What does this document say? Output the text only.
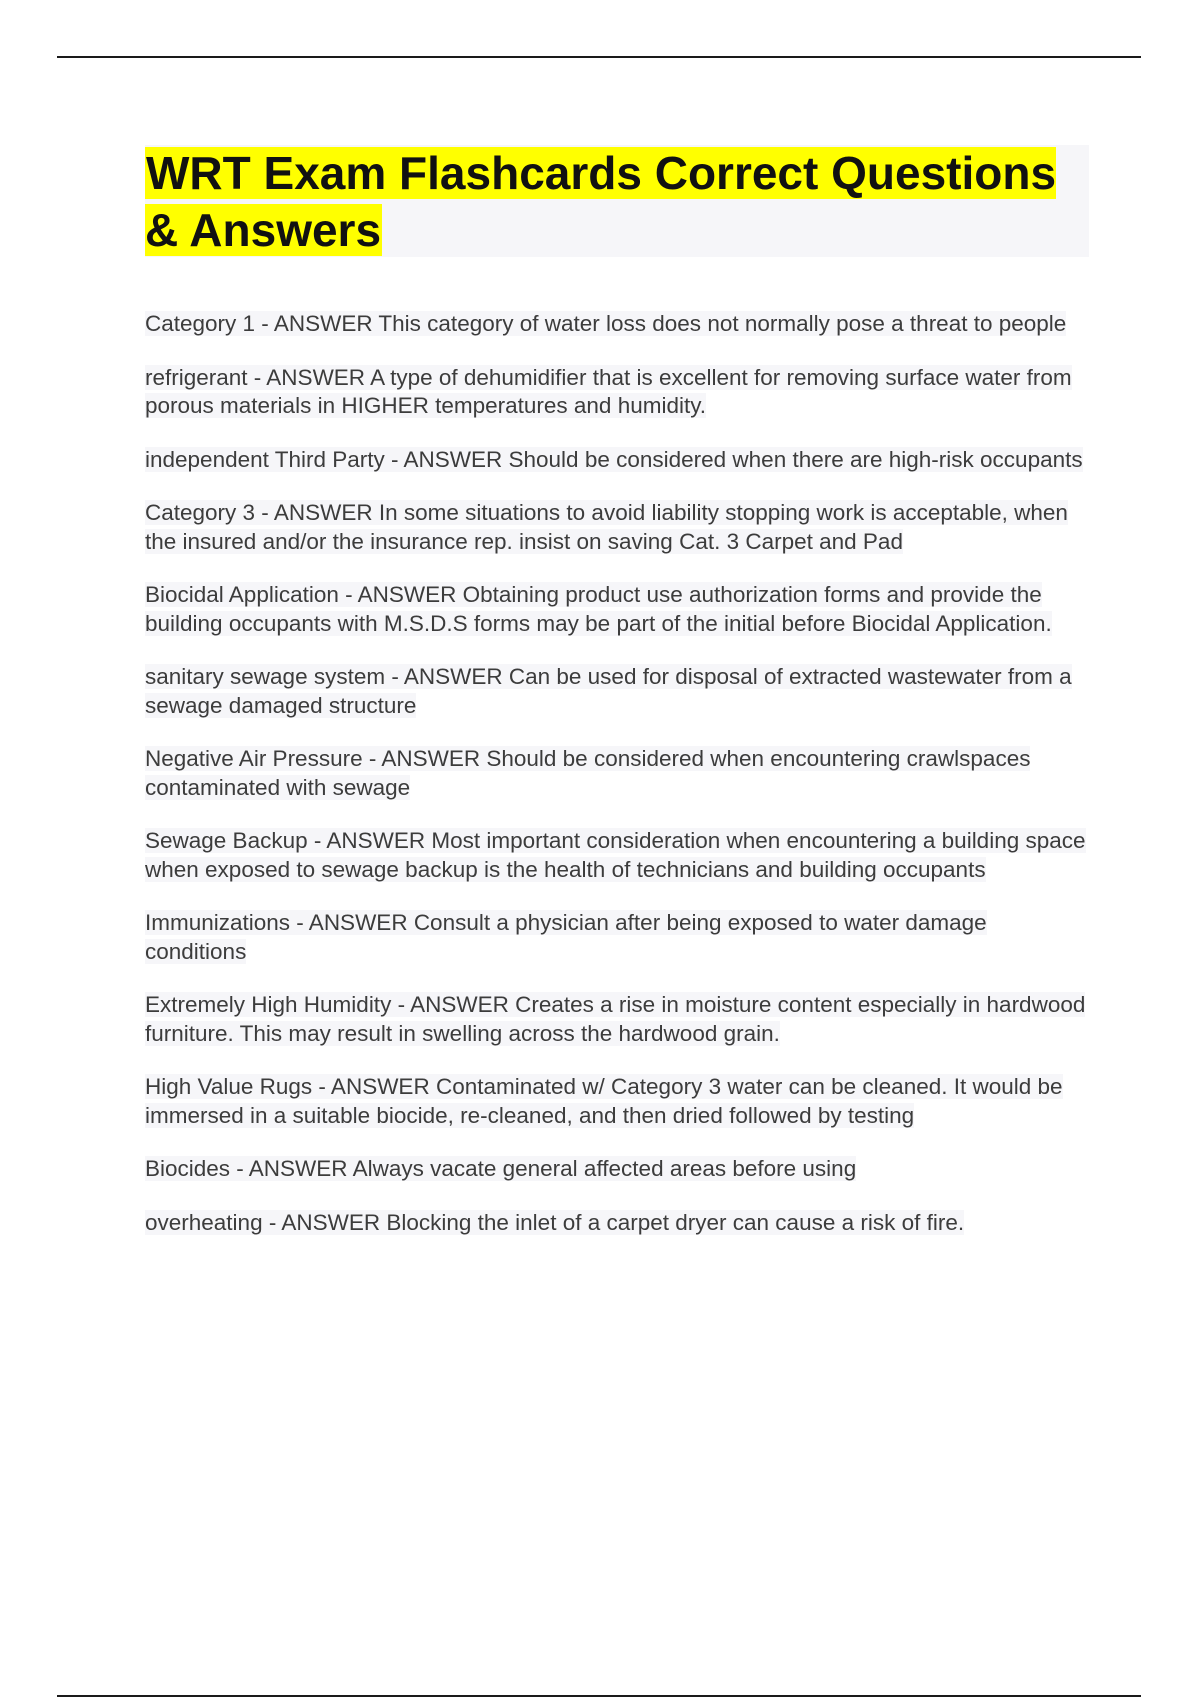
WRT Exam Flashcards Correct Questions & Answers

Category 1 - ANSWER This category of water loss does not normally pose a threat to people

refrigerant - ANSWER A type of dehumidifier that is excellent for removing surface water from porous materials in HIGHER temperatures and humidity.

independent Third Party - ANSWER Should be considered when there are high-risk occupants

Category 3 - ANSWER In some situations to avoid liability stopping work is acceptable, when the insured and/or the insurance rep. insist on saving Cat. 3 Carpet and Pad

Biocidal Application - ANSWER Obtaining product use authorization forms and provide the building occupants with M.S.D.S forms may be part of the initial before Biocidal Application.

sanitary sewage system - ANSWER Can be used for disposal of extracted wastewater from a sewage damaged structure

Negative Air Pressure - ANSWER Should be considered when encountering crawlspaces contaminated with sewage

Sewage Backup - ANSWER Most important consideration when encountering a building space when exposed to sewage backup is the health of technicians and building occupants

Immunizations - ANSWER Consult a physician after being exposed to water damage conditions

Extremely High Humidity - ANSWER Creates a rise in moisture content especially in hardwood furniture. This may result in swelling across the hardwood grain.

High Value Rugs - ANSWER Contaminated w/ Category 3 water can be cleaned. It would be immersed in a suitable biocide, re-cleaned, and then dried followed by testing

Biocides - ANSWER Always vacate general affected areas before using

overheating - ANSWER Blocking the inlet of a carpet dryer can cause a risk of fire.
